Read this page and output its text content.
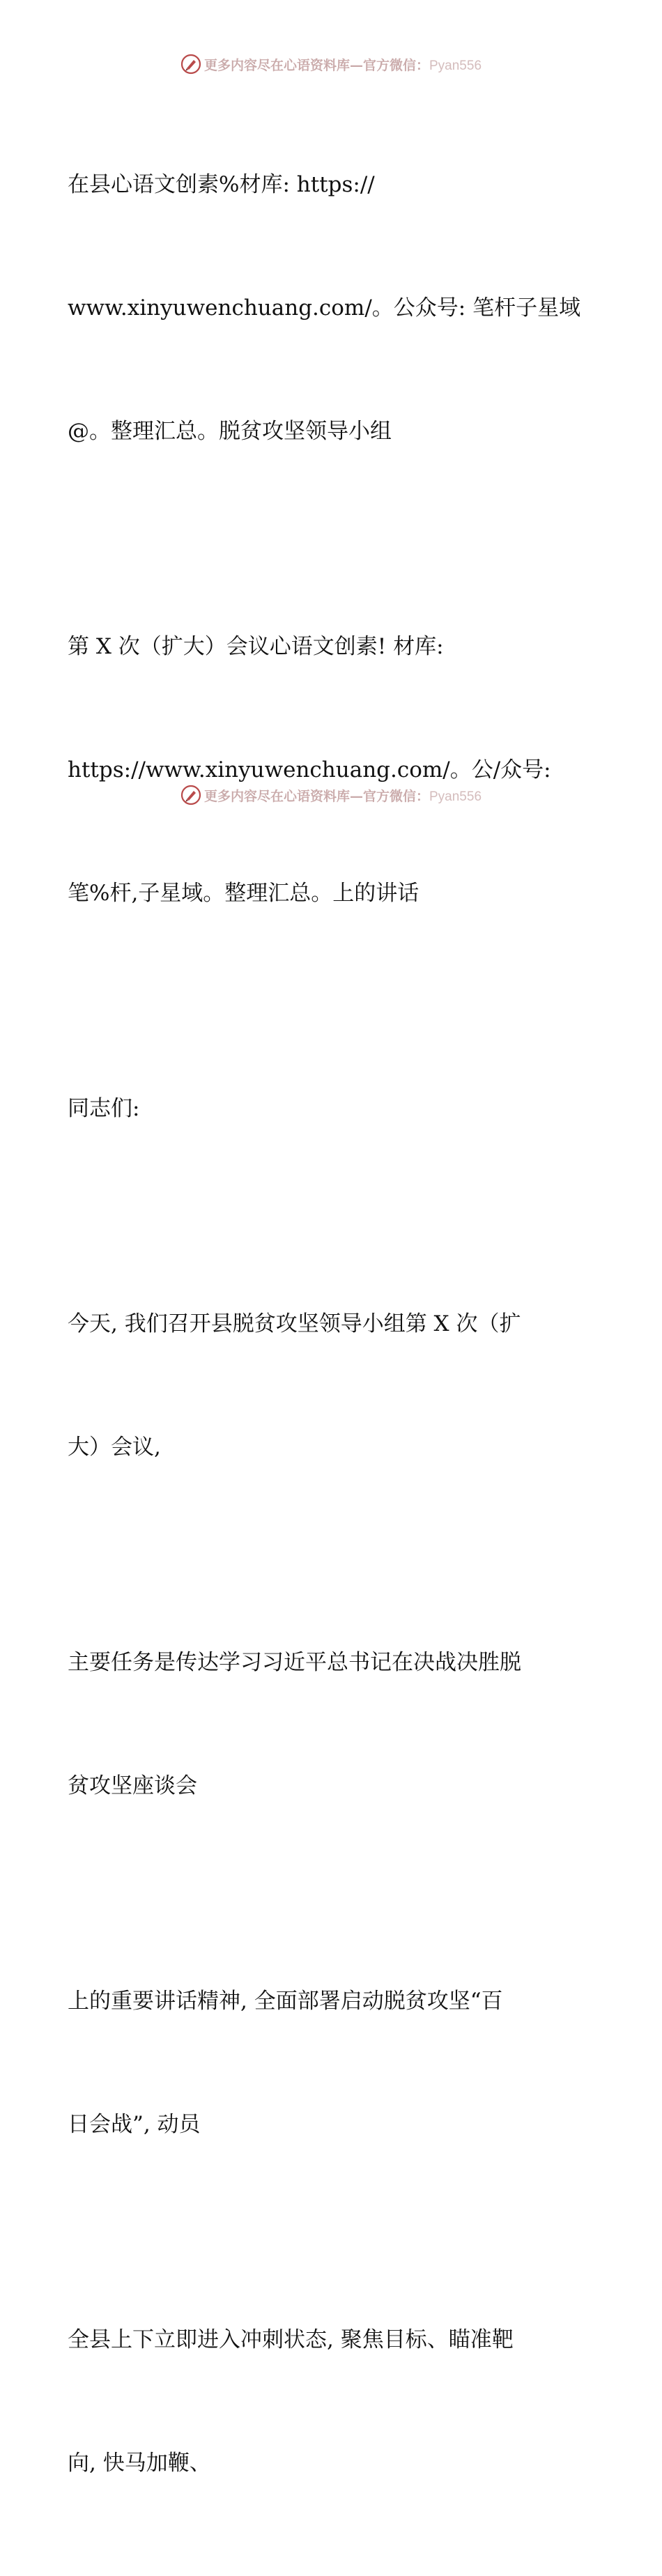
更多内容尽在心语资料库—官方微信：Pyan556

在县心语文创素%材库: https://

www.xinyuwenchuang.com/。公众号: 笔杆子星域

@。整理汇总。脱贫攻坚领导小组

第 X 次（扩大）会议心语文创素! 材库:

https://www.xinyuwenchuang.com/。公/众号:

笔%杆,子星域。整理汇总。上的讲话

同志们:

今天, 我们召开县脱贫攻坚领导小组第 X 次（扩

大）会议,

主要任务是传达学习习近平总书记在决战决胜脱

贫攻坚座谈会

上的重要讲话精神, 全面部署启动脱贫攻坚“百

日会战”, 动员

全县上下立即进入冲刺状态, 聚焦目标、瞄准靶

向, 快马加鞭、

更多内容尽在心语资料库—官方微信：Pyan556
